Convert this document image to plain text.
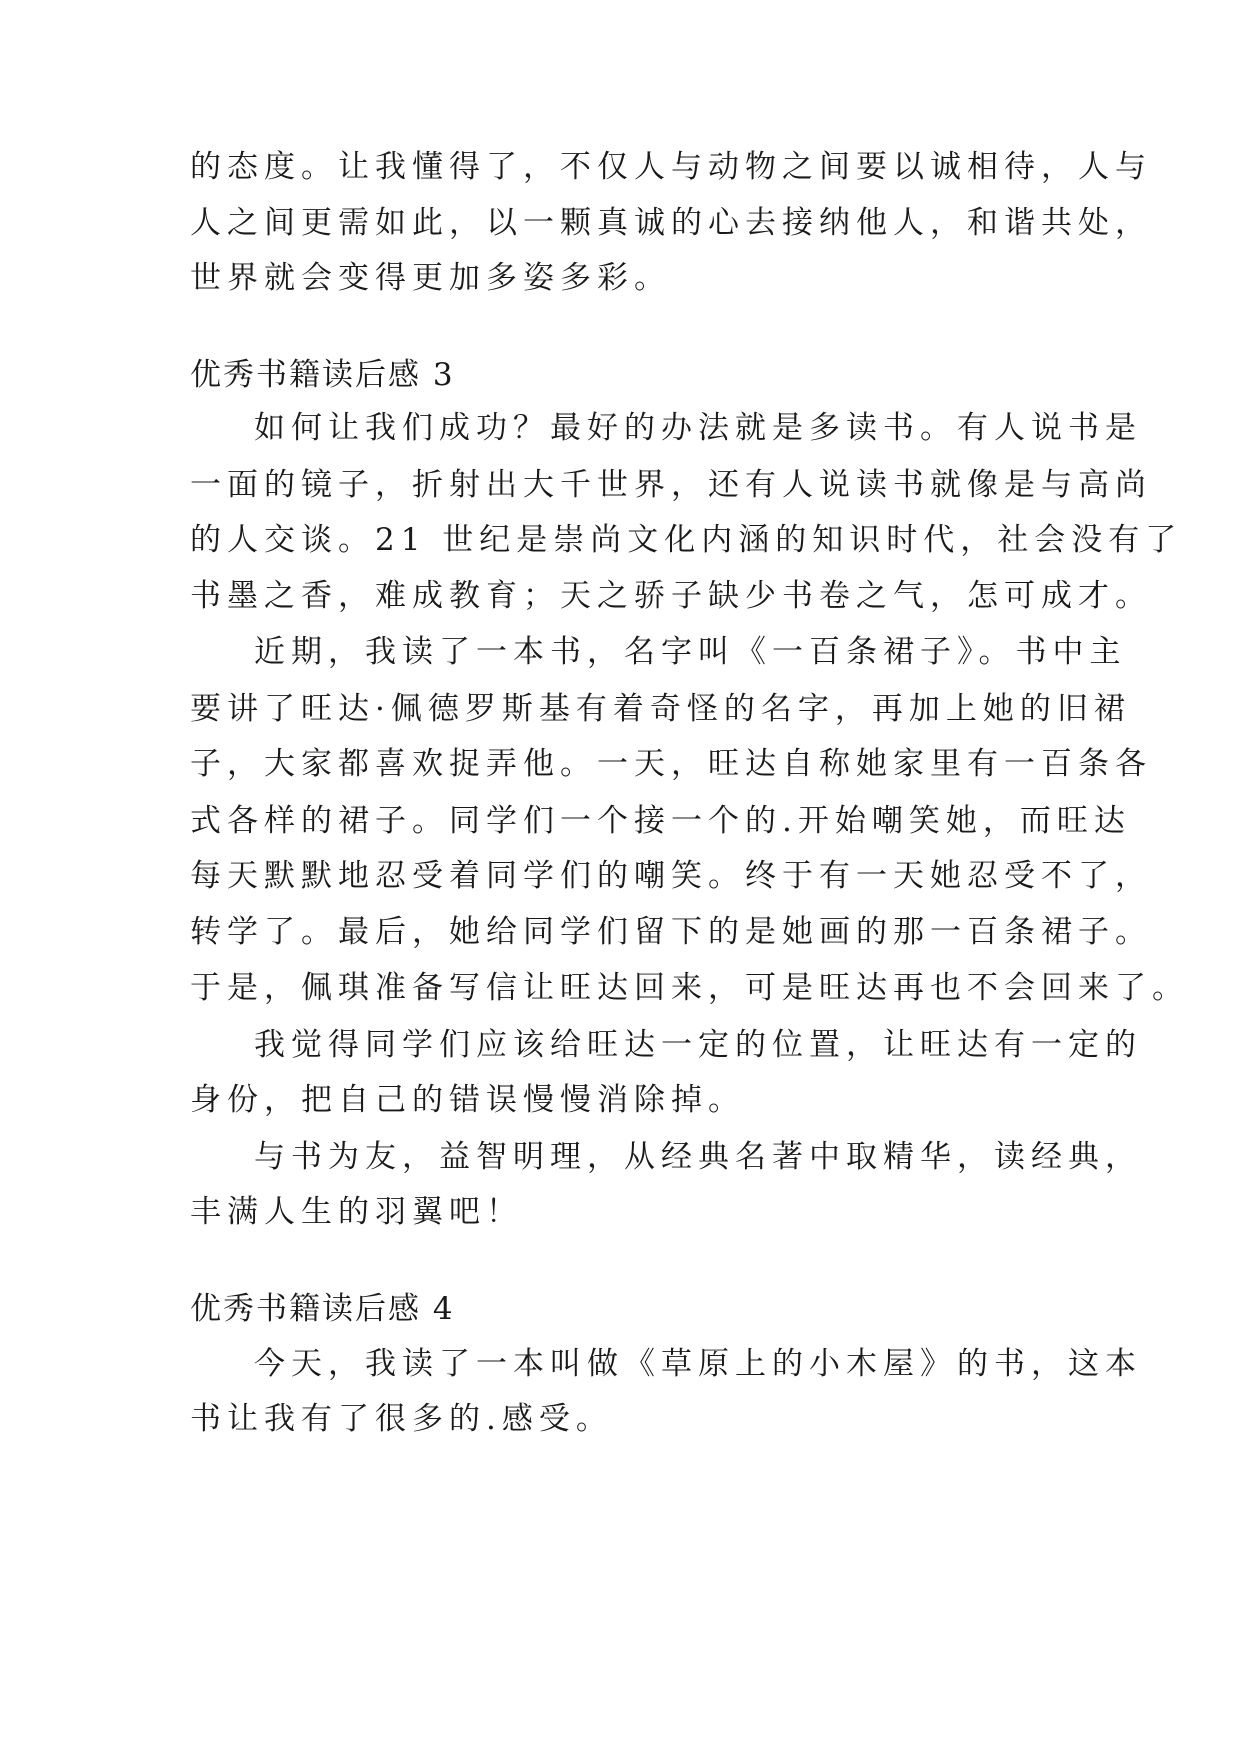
的态度。让我懂得了，不仅人与动物之间要以诚相待，人与
人之间更需如此，以一颗真诚的心去接纳他人，和谐共处，
世界就会变得更加多姿多彩。
优秀书籍读后感 3
如何让我们成功？最好的办法就是多读书。有人说书是
一面的镜子，折射出大千世界，还有人说读书就像是与高尚
的人交谈。21 世纪是崇尚文化内涵的知识时代，社会没有了
书墨之香，难成教育；天之骄子缺少书卷之气，怎可成才。
近期，我读了一本书，名字叫《一百条裙子》。书中主
要讲了旺达·佩德罗斯基有着奇怪的名字，再加上她的旧裙
子，大家都喜欢捉弄他。一天，旺达自称她家里有一百条各
式各样的裙子。同学们一个接一个的.开始嘲笑她，而旺达
每天默默地忍受着同学们的嘲笑。终于有一天她忍受不了，
转学了。最后，她给同学们留下的是她画的那一百条裙子。
于是，佩琪准备写信让旺达回来，可是旺达再也不会回来了。
我觉得同学们应该给旺达一定的位置，让旺达有一定的
身份，把自己的错误慢慢消除掉。
与书为友，益智明理，从经典名著中取精华，读经典，
丰满人生的羽翼吧！
优秀书籍读后感 4
今天，我读了一本叫做《草原上的小木屋》的书，这本
书让我有了很多的.感受。
